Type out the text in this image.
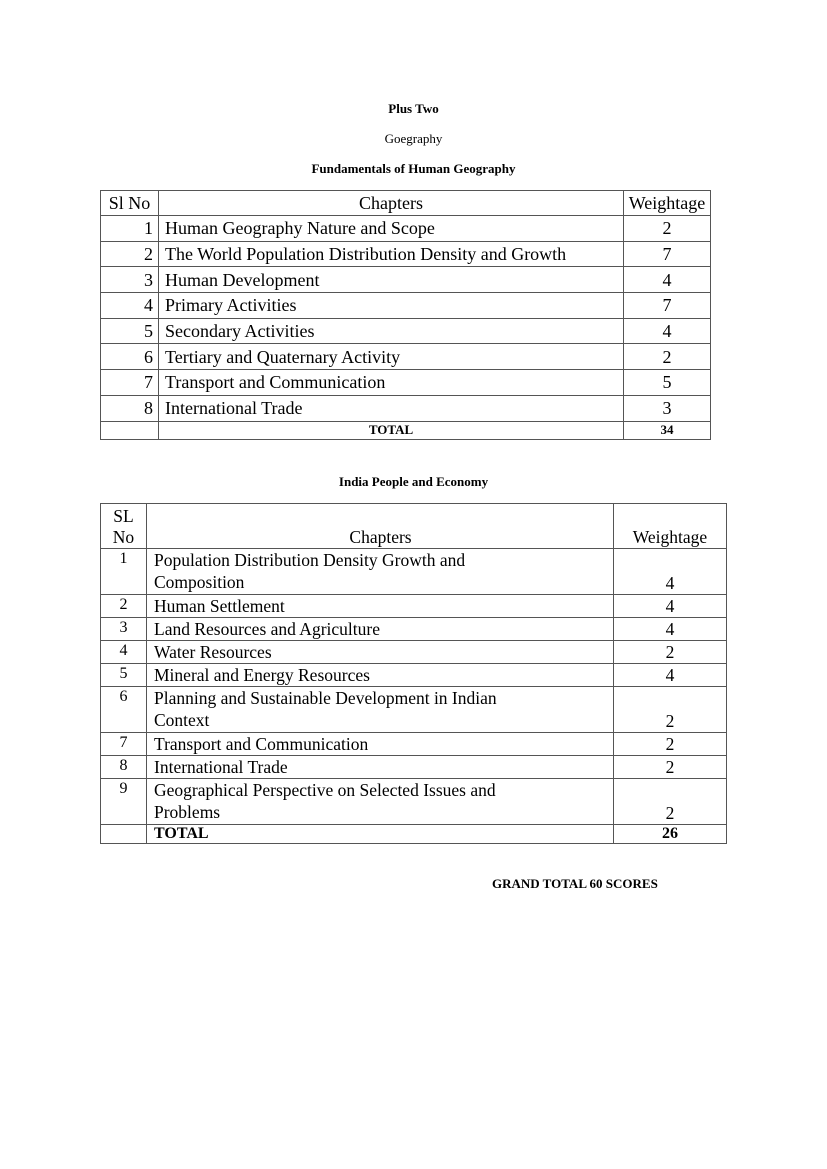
Plus Two
Goegraphy
Fundamentals of Human Geography
Sl No	Chapters	Weightage
1	Human Geography Nature and Scope	2
2	The World Population Distribution Density and Growth	7
3	Human Development	4
4	Primary Activities	7
5	Secondary Activities	4
6	Tertiary and Quaternary Activity	2
7	Transport and Communication	5
8	International Trade	3
	TOTAL	34
India People and Economy
SL No	Chapters	Weightage
1	Population Distribution Density Growth and Composition	4
2	Human Settlement	4
3	Land Resources and Agriculture	4
4	Water Resources	2
5	Mineral and Energy Resources	4
6	Planning and Sustainable Development in Indian Context	2
7	Transport and Communication	2
8	International Trade	2
9	Geographical Perspective on Selected Issues and Problems	2
	TOTAL	26
GRAND TOTAL 60 SCORES
